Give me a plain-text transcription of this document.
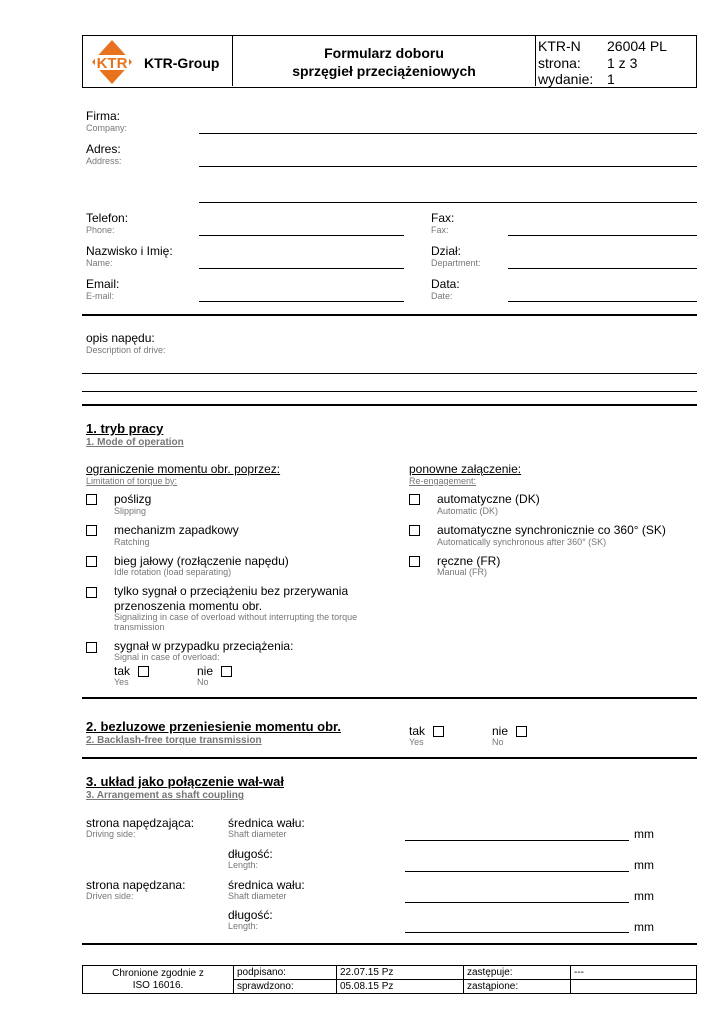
KTR KTR-Group
Formularz doboru
sprzęgieł przeciążeniowych
KTR-N 26004 PL
strona: 1 z 3
wydanie: 1
Firma:
Company:
Adres:
Address:
Telefon:
Phone:
Fax:
Fax:
Nazwisko i Imię:
Name:
Dział:
Department:
Email:
E-mail:
Data:
Date:
opis napędu:
Description of drive:
1. tryb pracy
1. Mode of operation
ograniczenie momentu obr. poprzez:
Limitation of torque by:
ponowne załączenie:
Re-engagement:
poślizg
Slipping
mechanizm zapadkowy
Ratching
bieg jałowy (rozłączenie napędu)
Idle rotation (load separating)
tylko sygnał o przeciążeniu bez przerywania
przenoszenia momentu obr.
Signalizing in case of overload without interrupting the torque
transmission
sygnał w przypadku przeciążenia:
Signal in case of overload:
tak
Yes
nie
No
automatyczne (DK)
Automatic (DK)
automatyczne synchronicznie co 360° (SK)
Automatically synchronous after 360° (SK)
ręczne (FR)
Manual (FR)
2. bezluzowe przeniesienie momentu obr.
2. Backlash-free torque transmission
tak
Yes
nie
No
3. układ jako połączenie wał-wał
3. Arrangement as shaft coupling
strona napędzająca:
Driving side:
średnica wału:
Shaft diameter	mm
długość:
Length:	mm
strona napędzana:
Driven side:
średnica wału:
Shaft diameter	mm
długość:
Length:	mm
Chronione zgodnie z
ISO 16016.	podpisano:	22.07.15 Pz	zastępuje:	---
	sprawdzono:	05.08.15 Pz	zastąpione:	
